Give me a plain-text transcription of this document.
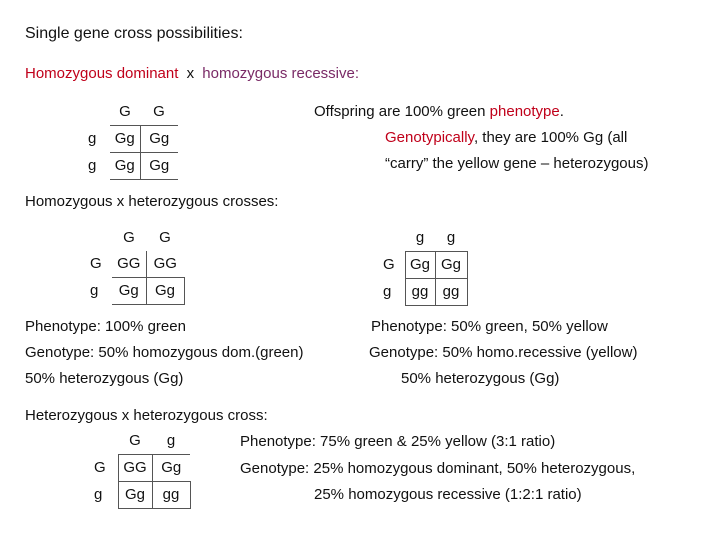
Single gene cross possibilities:
Homozygous dominant x homozygous recessive:
	G	G
g	Gg	Gg
g	Gg	Gg
Offspring are 100% green phenotype.
Genotypically, they are 100% Gg (all
“carry” the yellow gene – heterozygous)
Homozygous x heterozygous crosses:
	G	G
G	GG	GG
g	Gg	Gg
	g	g
G	Gg	Gg
g	gg	gg
Phenotype: 100% green
Genotype: 50% homozygous dom.(green)
50% heterozygous (Gg)
Phenotype: 50% green, 50% yellow
Genotype: 50% homo.recessive (yellow)
50% heterozygous (Gg)
Heterozygous x heterozygous cross:
	G	g
G	GG	Gg
g	Gg	gg
Phenotype: 75% green & 25% yellow (3:1 ratio)
Genotype: 25% homozygous dominant, 50% heterozygous,
25% homozygous recessive (1:2:1 ratio)
